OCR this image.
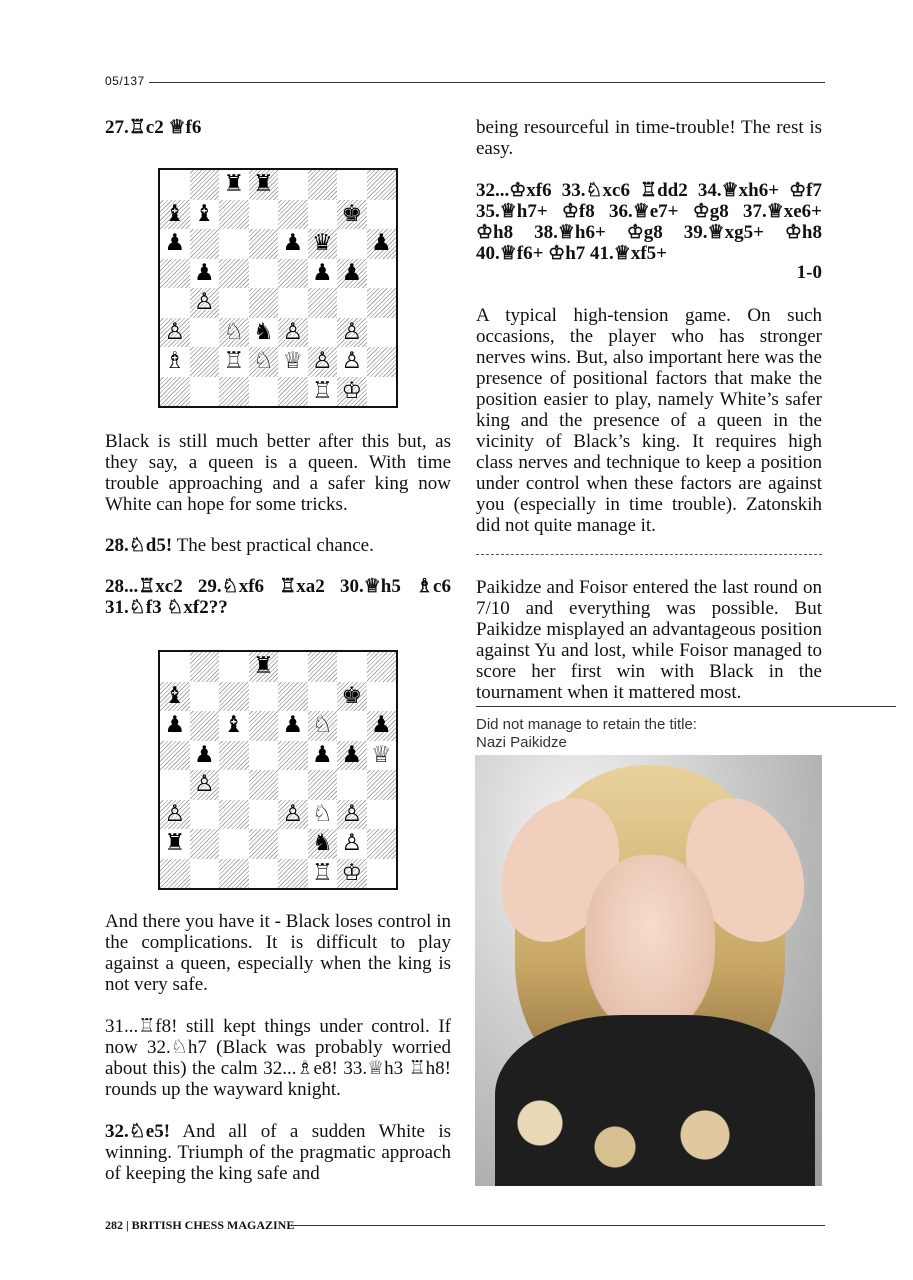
05/137

27.♖c2 ♕f6

♜ ♜
♝ ♝	♚
♟	♟ ♛ ♟
♟	♟ ♟
♙
♙ ♘ ♞ ♙ ♙
♗ ♖ ♘ ♕ ♙ ♙
♖ ♔

Black is still much better after this but, as they say, a queen is a queen. With time trouble approaching and a safer king now White can hope for some tricks.

28.♘d5! The best practical chance.

28...♖xc2 29.♘xf6 ♖xa2 30.♕h5 ♗c6 31.♘f3 ♘xf2??

♜
♝	♚
♟ ♝ ♟ ♘ ♟
♟	♟ ♟ ♕
♙
♙	♙ ♘ ♙
♜	♞ ♙
♖ ♔

And there you have it - Black loses control in the complications. It is difficult to play against a queen, especially when the king is not very safe.

31...♖f8! still kept things under control. If now 32.♘h7 (Black was probably worried about this) the calm 32...♗e8! 33.♕h3 ♖h8! rounds up the wayward knight.

32.♘e5! And all of a sudden White is winning. Triumph of the pragmatic approach of keeping the king safe and

being resourceful in time-trouble! The rest is easy.

32...♔xf6 33.♘xc6 ♖dd2 34.♕xh6+ ♔f7 35.♕h7+ ♔f8 36.♕e7+ ♔g8 37.♕xe6+ ♔h8 38.♕h6+ ♔g8 39.♕xg5+ ♔h8 40.♕f6+ ♔h7 41.♕xf5+

1-0

A typical high-tension game. On such occasions, the player who has stronger nerves wins. But, also important here was the presence of positional factors that make the position easier to play, namely White’s safer king and the presence of a queen in the vicinity of Black’s king. It requires high class nerves and technique to keep a position under control when these factors are against you (especially in time trouble). Zatonskih did not quite manage it.

Paikidze and Foisor entered the last round on 7/10 and everything was possible. But Paikidze misplayed an advantageous position against Yu and lost, while Foisor managed to score her first win with Black in the tournament when it mattered most.

Did not manage to retain the title:
Nazi Paikidze
282 | BRITISH CHESS MAGAZINE
